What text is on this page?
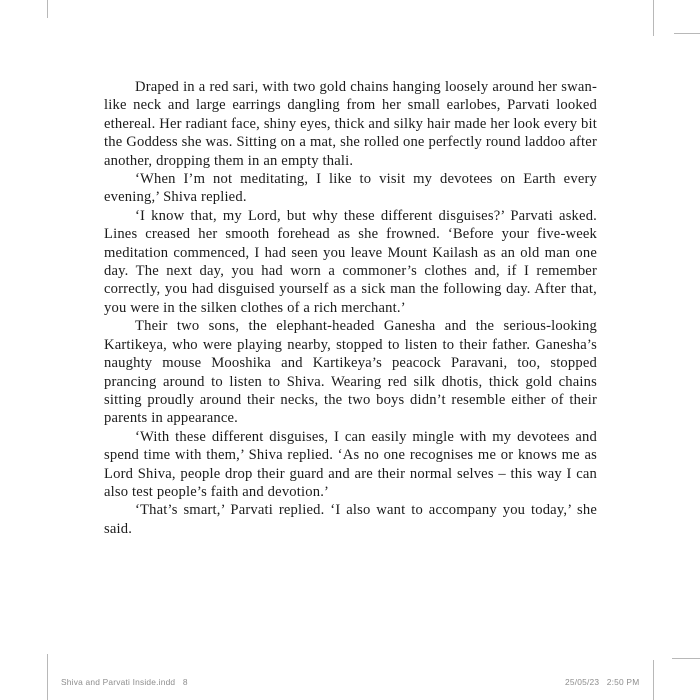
Draped in a red sari, with two gold chains hanging loosely around her swan‐like neck and large earrings dangling from her small earlobes, Parvati looked ethereal. Her radiant face, shiny eyes, thick and silky hair made her look every bit the Goddess she was. Sitting on a mat, she rolled one perfectly round laddoo after another, dropping them in an empty thali.

‘When I’m not meditating, I like to visit my devotees on Earth every evening,’ Shiva replied.

‘I know that, my Lord, but why these different disguises?’ Parvati asked. Lines creased her smooth forehead as she frowned. ‘Before your five‐week meditation commenced, I had seen you leave Mount Kailash as an old man one day. The next day, you had worn a commoner’s clothes and, if I remember correctly, you had disguised yourself as a sick man the following day. After that, you were in the silken clothes of a rich merchant.’

Their two sons, the elephant‐headed Ganesha and the serious‐looking Kartikeya, who were playing nearby, stopped to listen to their father. Ganesha’s naughty mouse Mooshika and Kartikeya’s peacock Paravani, too, stopped prancing around to listen to Shiva. Wearing red silk dhotis, thick gold chains sitting proudly around their necks, the two boys didn’t resemble either of their parents in appearance.

‘With these different disguises, I can easily mingle with my devotees and spend time with them,’ Shiva replied. ‘As no one recognises me or knows me as Lord Shiva, people drop their guard and are their normal selves – this way I can also test people’s faith and devotion.’

‘That’s smart,’ Parvati replied. ‘I also want to accompany you today,’ she said.

Shiva and Parvati Inside.indd   8	25/05/23   2:50 PM
